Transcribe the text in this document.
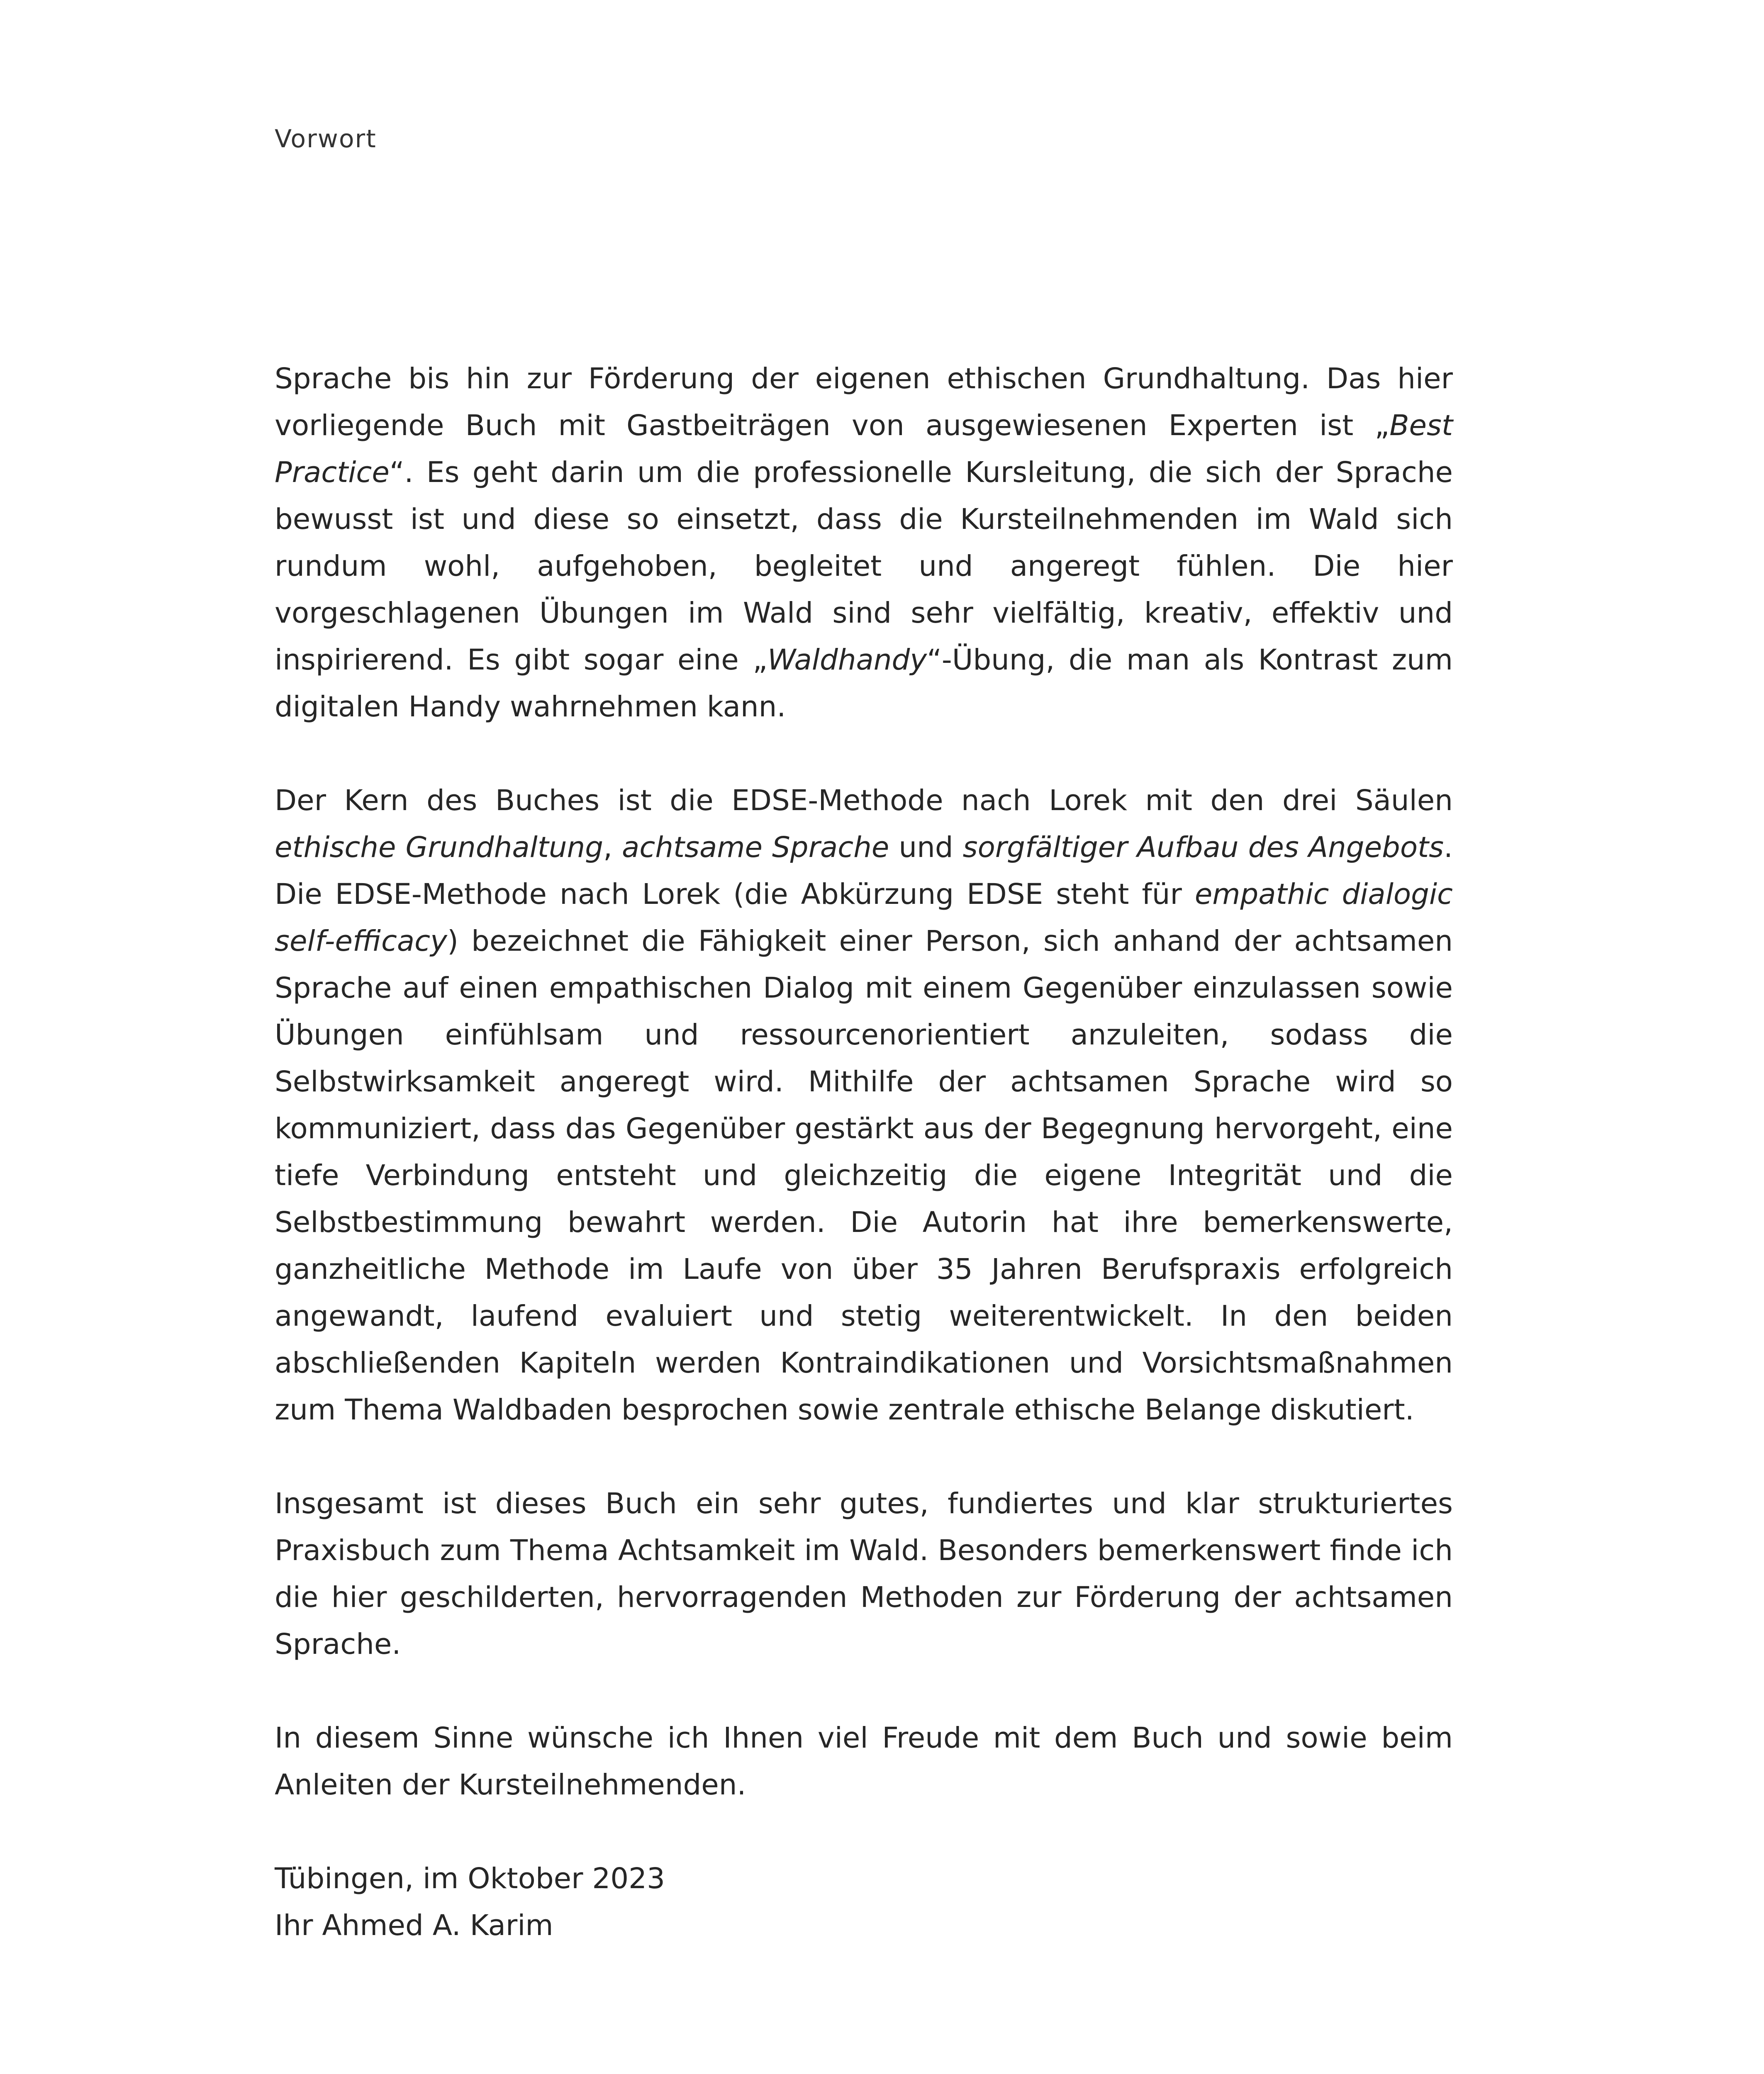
Vorwort

Sprache bis hin zur Förderung der eigenen ethischen Grundhaltung. Das hier vorliegende Buch mit Gastbeiträgen von ausgewiesenen Experten ist „Best Practice“. Es geht darin um die professionelle Kursleitung, die sich der Sprache bewusst ist und diese so einsetzt, dass die Kursteilnehmenden im Wald sich rundum wohl, aufgehoben, begleitet und angeregt fühlen. Die hier vorgeschlagenen Übungen im Wald sind sehr vielfältig, kreativ, effektiv und inspirierend. Es gibt sogar eine „Waldhandy“-Übung, die man als Kontrast zum digitalen Handy wahrnehmen kann.

Der Kern des Buches ist die EDSE-Methode nach Lorek mit den drei Säulen ethische Grundhaltung, achtsame Sprache und sorgfältiger Aufbau des Angebots. Die EDSE-Methode nach Lorek (die Abkürzung EDSE steht für empathic dialogic self-efficacy) bezeichnet die Fähigkeit einer Person, sich anhand der achtsamen Sprache auf einen empathischen Dialog mit einem Gegenüber einzulassen sowie Übungen einfühlsam und ressourcenorientiert anzuleiten, sodass die Selbstwirksamkeit angeregt wird. Mithilfe der achtsamen Sprache wird so kommuniziert, dass das Gegenüber gestärkt aus der Begegnung hervorgeht, eine tiefe Verbindung entsteht und gleichzeitig die eigene Integrität und die Selbstbestimmung bewahrt werden. Die Autorin hat ihre bemerkenswerte, ganzheitliche Methode im Laufe von über 35 Jahren Berufspraxis erfolgreich angewandt, laufend evaluiert und stetig weiterentwickelt. In den beiden abschließenden Kapiteln werden Kontraindikationen und Vorsichtsmaßnahmen zum Thema Waldbaden besprochen sowie zentrale ethische Belange diskutiert.

Insgesamt ist dieses Buch ein sehr gutes, fundiertes und klar strukturiertes Praxisbuch zum Thema Achtsamkeit im Wald. Besonders bemerkenswert finde ich die hier geschilderten, hervorragenden Methoden zur Förderung der achtsamen Sprache.

In diesem Sinne wünsche ich Ihnen viel Freude mit dem Buch und sowie beim Anleiten der Kursteilnehmenden.

Tübingen, im Oktober 2023
Ihr Ahmed A. Karim
